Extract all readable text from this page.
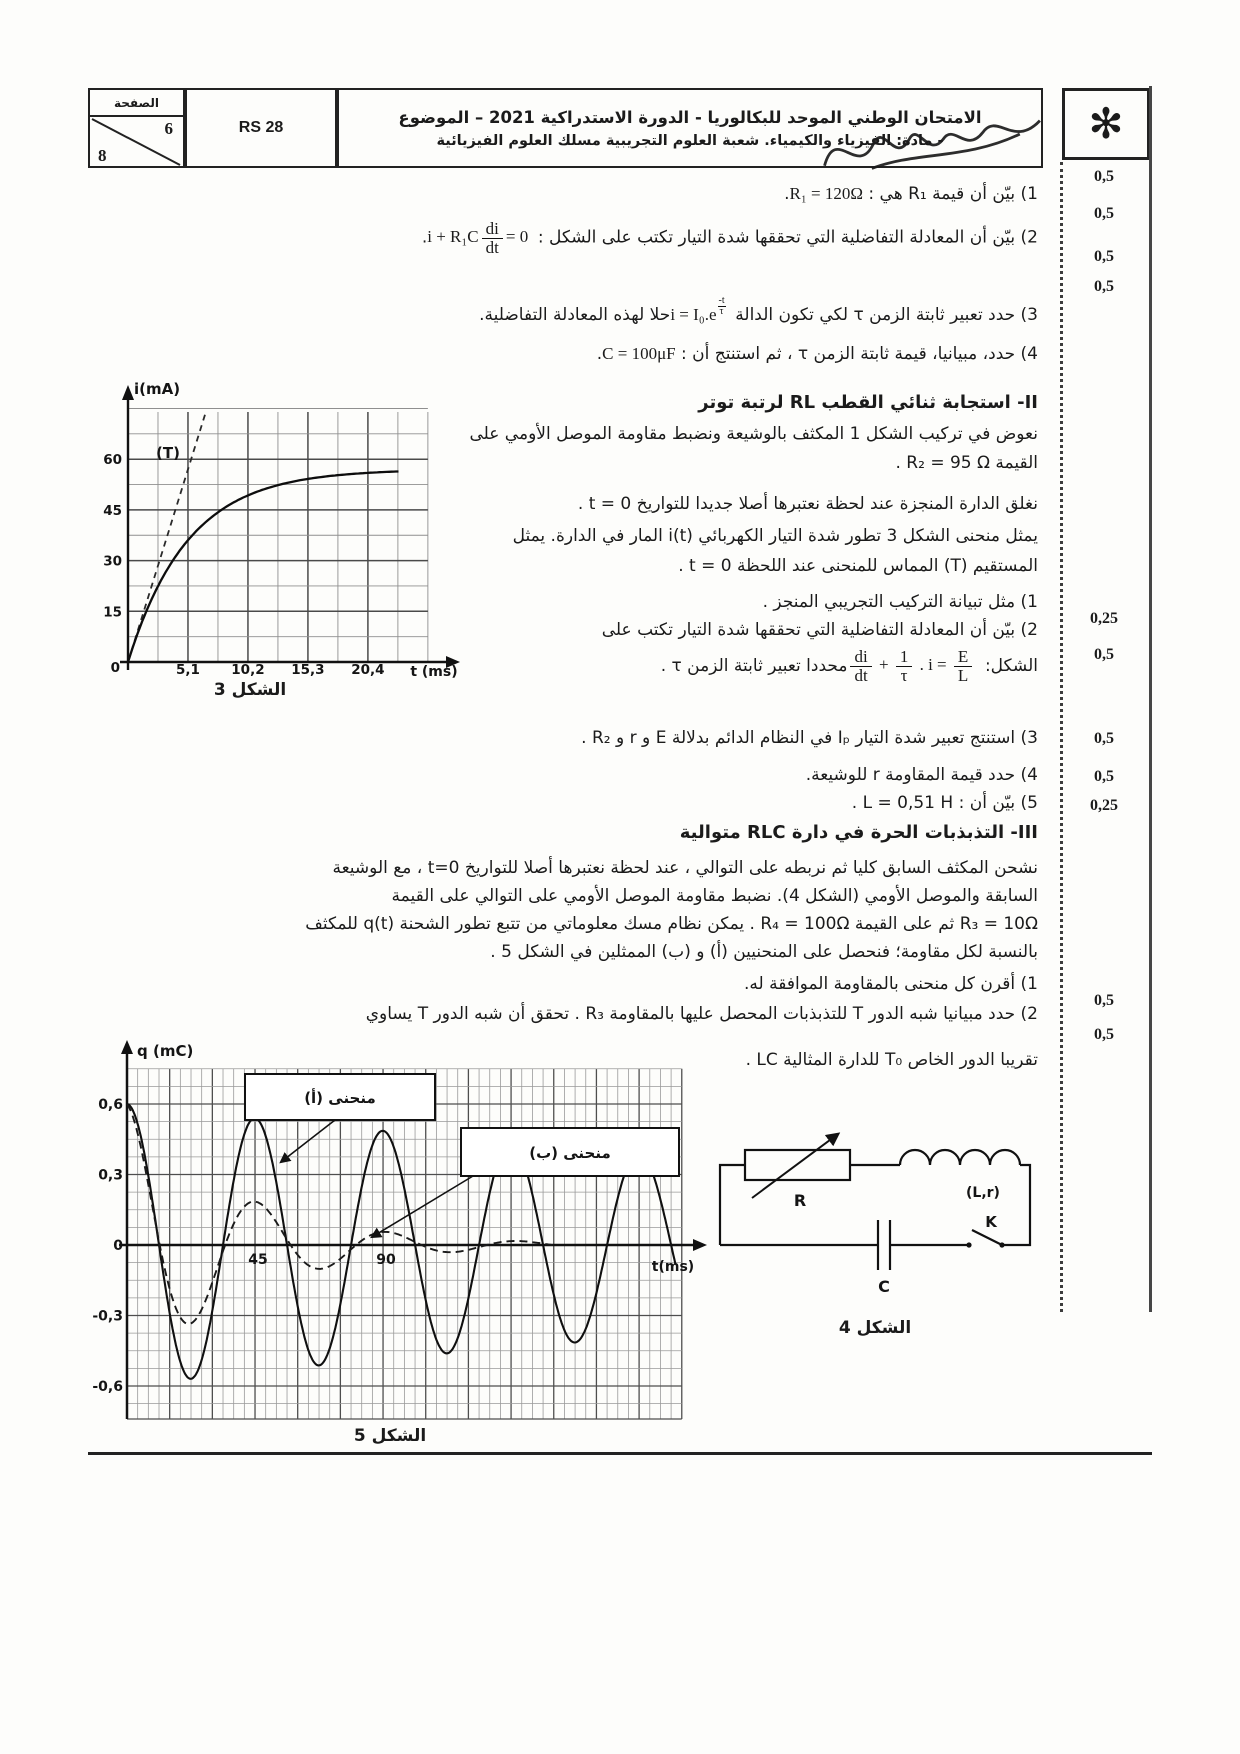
الصفحة
6
8
RS 28
الامتحان الوطني الموحد للبكالوريا - الدورة الاستدراكية 2021 – الموضوع
- مادة: الفيزياء والكيمياء. شعبة العلوم التجريبية مسلك العلوم الفيزيائية	✻
0,5
0,5
0,5
0,5
0,25
0,5
0,5
0,5
0,25
0,5
0,5
1) بيّن أن قيمة R₁ هي : R₁ = 120Ω.
2) بيّن أن المعادلة التفاضلية التي تحققها شدة التيار تكتب على الشكل : $i + R_1C \frac{di}{dt} = 0$ .
3) حدد تعبير ثابتة الزمن τ لكي تكون الدالة $i = I_0.e \frac{-t}{\tau}$
حلا لهذه المعادلة التفاضلية.
4) حدد، مبيانيا، قيمة ثابتة الزمن τ ، ثم استنتج أن : C = 100μF.
II- استجابة ثنائي القطب RL لرتبة توتر
نعوض في تركيب الشكل 1 المكثف بالوشيعة ونضبط مقاومة الموصل الأومي على القيمة R₂ = 95 Ω .
نغلق الدارة المنجزة عند لحظة نعتبرها أصلا جديدا للتواريخ t = 0 .
يمثل منحنى الشكل 3 تطور شدة التيار الكهربائي i(t) المار في الدارة. يمثل المستقيم (T) المماس للمنحنى عند اللحظة t = 0 .
1) مثل تبيانة التركيب التجريبي المنجز .
2) بيّن أن المعادلة التفاضلية التي تحققها شدة التيار تكتب على
الشكل:
$\frac{di}{dt} + \frac{1}{\tau}$ . $i = \frac{E}{L}$
محددا تعبير ثابتة الزمن τ .
3) استنتج تعبير شدة التيار Iₚ في النظام الدائم بدلالة E و r و R₂ .
4) حدد قيمة المقاومة r للوشيعة.
5) بيّن أن : L = 0,51 H .
III- التذبذبات الحرة في دارة RLC متوالية
نشحن المكثف السابق كليا ثم نربطه على التوالي ، عند لحظة نعتبرها أصلا للتواريخ t=0 ، مع الوشيعة
السابقة والموصل الأومي (الشكل 4). نضبط مقاومة الموصل الأومي على التوالي على القيمة
R₃ = 10Ω ثم على القيمة R₄ = 100Ω . يمكن نظام مسك معلوماتي من تتبع تطور الشحنة q(t) للمكثف
بالنسبة لكل مقاومة؛ فنحصل على المنحنيين (أ) و (ب) الممثلين في الشكل 5 .
1) أقرن كل منحنى بالمقاومة الموافقة له.
2) حدد مبيانيا شبه الدور T للتذبذبات المحصل عليها بالمقاومة R₃ . تحقق أن شبه الدور T يساوي
تقريبا الدور الخاص T₀ للدارة المثالية LC .
(T)
i(mA)
t (ms)
5,1 10,2 15,3 20,4
15
30
45
60
0
الشكل 3
منحنى (أ)
منحنى (ب)
q (mC)
t(ms)
45	90
0,6
0,3
0
-0,3
-0,6
الشكل 5
R	(L,r)
K
C
الشكل 4
